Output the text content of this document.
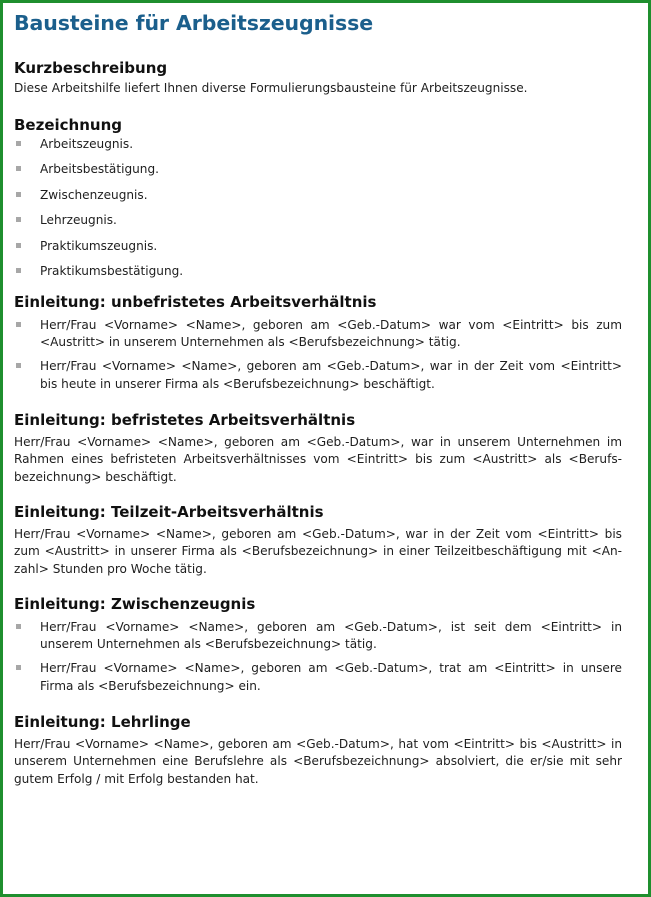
Bausteine für Arbeitszeugnisse
Kurzbeschreibung

Diese Arbeitshilfe liefert Ihnen diverse Formulierungsbausteine für Arbeitszeugnisse.

Bezeichnung
Arbeitszeugnis.
Arbeitsbestätigung.
Zwischenzeugnis.
Lehrzeugnis.
Praktikumszeugnis.
Praktikumsbestätigung.
Einleitung: unbefristetes Arbeitsverhältnis
Herr/Frau <Vorname> <Name>, geboren am <Geb.-Datum> war vom <Eintritt> bis zum <Austritt> in unserem Unternehmen als <Berufsbezeichnung> tätig.
Herr/Frau <Vorname> <Name>, geboren am <Geb.-Datum>, war in der Zeit vom <Eintritt> bis heute in unserer Firma als <Berufsbezeichnung> beschäftigt.
Einleitung: befristetes Arbeitsverhältnis

Herr/Frau <Vorname> <Name>, geboren am <Geb.-Datum>, war in unserem Unternehmen im Rahmen eines befristeten Arbeitsverhältnisses vom <Eintritt> bis zum <Austritt> als <Berufs-bezeichnung> beschäftigt.

Einleitung: Teilzeit-Arbeitsverhältnis

Herr/Frau <Vorname> <Name>, geboren am <Geb.-Datum>, war in der Zeit vom <Eintritt> bis zum <Austritt> in unserer Firma als <Berufsbezeichnung> in einer Teilzeitbeschäftigung mit <An-zahl> Stunden pro Woche tätig.

Einleitung: Zwischenzeugnis
Herr/Frau <Vorname> <Name>, geboren am <Geb.-Datum>, ist seit dem <Eintritt> in unserem Unternehmen als <Berufsbezeichnung> tätig.
Herr/Frau <Vorname> <Name>, geboren am <Geb.-Datum>, trat am <Eintritt> in unsere Firma als <Berufsbezeichnung> ein.
Einleitung: Lehrlinge

Herr/Frau <Vorname> <Name>, geboren am <Geb.-Datum>, hat vom <Eintritt> bis <Austritt> in unserem Unternehmen eine Berufslehre als <Berufsbezeichnung> absolviert, die er/sie mit sehr gutem Erfolg / mit Erfolg bestanden hat.
